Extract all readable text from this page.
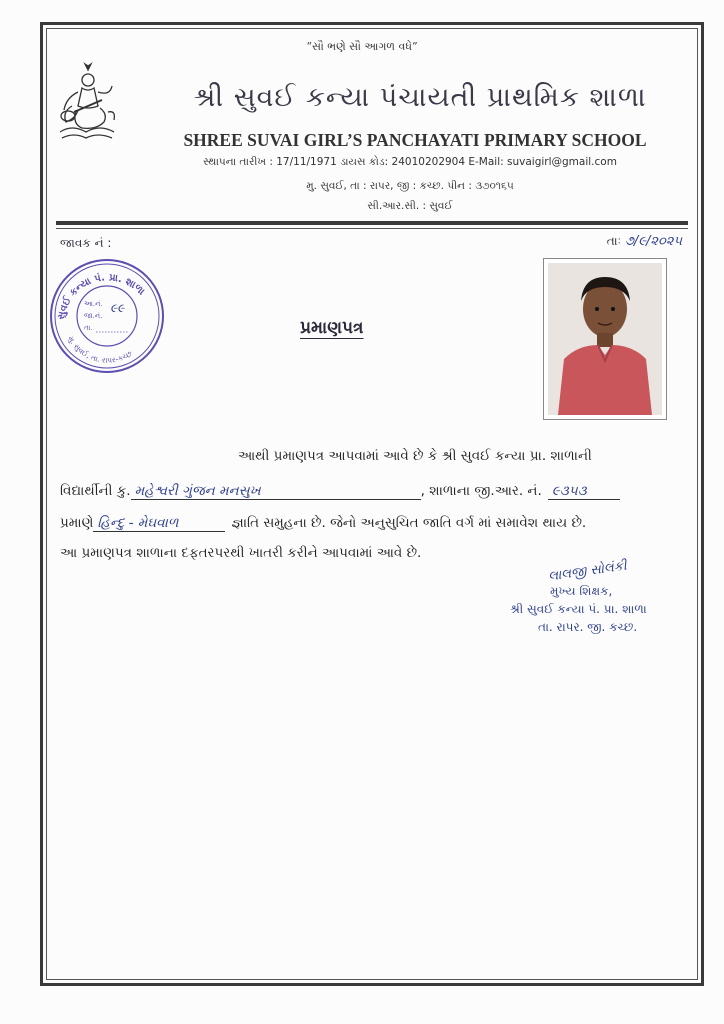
“સૌ ભણે સૌ આગળ વધે”
શ્રી સુવઈ કન્યા પંચાયતી પ્રાથમિક શાળા
SHREE SUVAI GIRL’S PANCHAYATI PRIMARY SCHOOL
સ્થાપના તારીખ : 17/11/1971 ડાયસ કોડ: 24010202904 E-Mail: suvaigirl@gmail.com
મુ. સુવઈ, તા : રાપર, જી : કચ્છ. પીન : ૩૭૦૧૬૫
સી.આર.સી. : સુવઈ
જાવક નં :	તાઃ ૭/૯/૨૦૨૫
સુવઈ કન્યા પં. પ્રા. શાળા
મુ. સુવઈ, તા. રાપર-કચ્છ
આ.નં.
જા.નં.
તા.
૯૯
પ્રમાણપત્ર
આથી પ્રમાણપત્ર આપવામાં આવે છે કે શ્રી સુવઈ કન્યા પ્રા. શાળાની
વિદ્યાર્થીની કુ. મહેશ્વરી ગુંજન મનસુખ	, શાળાના જી.આર. નં. ૯૩૫૩
પ્રમાણે હિન્દુ - મેઘવાળ	જ્ઞાતિ સમુહના છે. જેનો અનુસુચિત જાતિ વર્ગ માં સમાવેશ થાય છે.
આ પ્રમાણપત્ર શાળાના દફતરપરથી ખાતરી કરીને આપવામાં આવે છે.
લાલજી સોલંકી
મુખ્ય શિક્ષક,
શ્રી સુવઈ કન્યા પં. પ્રા. શાળા
તા. રાપર. જી. કચ્છ.
